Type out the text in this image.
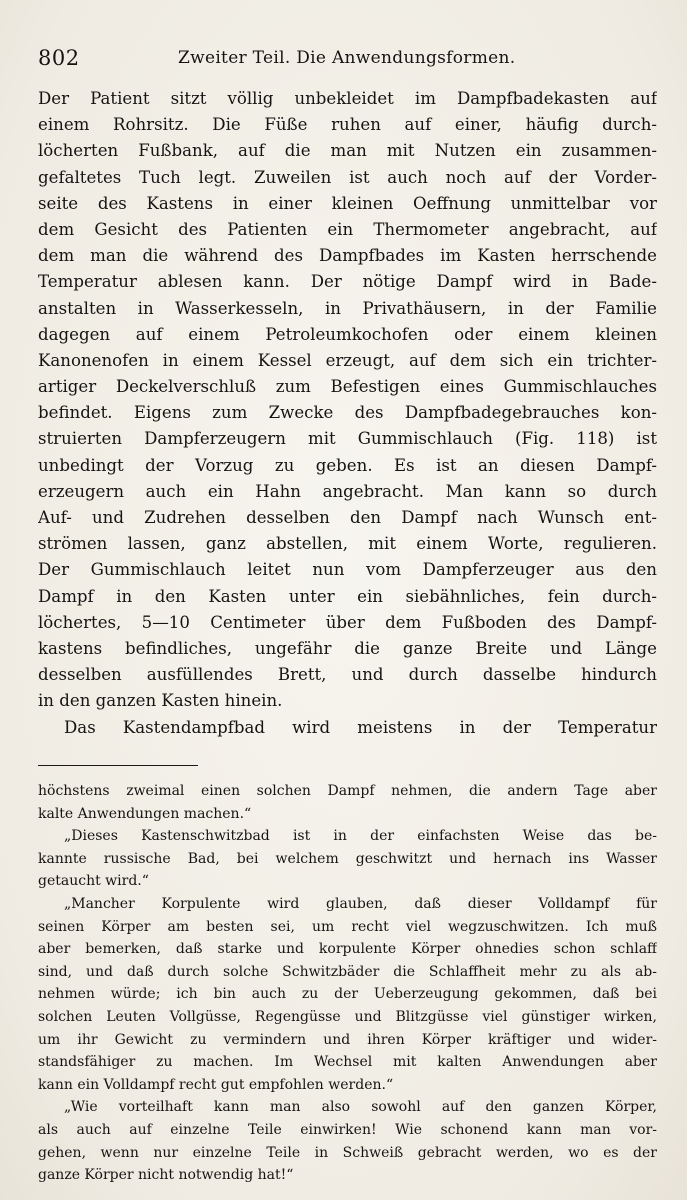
802	Zweiter Teil. Die Anwendungsformen.
Der Patient sitzt völlig unbekleidet im Dampfbadekasten auf
einem Rohrsitz. Die Füße ruhen auf einer, häufig durch-
löcherten Fußbank, auf die man mit Nutzen ein zusammen-
gefaltetes Tuch legt. Zuweilen ist auch noch auf der Vorder-
seite des Kastens in einer kleinen Oeffnung unmittelbar vor
dem Gesicht des Patienten ein Thermometer angebracht, auf
dem man die während des Dampfbades im Kasten herrschende
Temperatur ablesen kann. Der nötige Dampf wird in Bade-
anstalten in Wasserkesseln, in Privathäusern, in der Familie
dagegen auf einem Petroleumkochofen oder einem kleinen
Kanonenofen in einem Kessel erzeugt, auf dem sich ein trichter-
artiger Deckelverschluß zum Befestigen eines Gummischlauches
befindet. Eigens zum Zwecke des Dampfbadegebrauches kon-
struierten Dampferzeugern mit Gummischlauch (Fig. 118) ist
unbedingt der Vorzug zu geben. Es ist an diesen Dampf-
erzeugern auch ein Hahn angebracht. Man kann so durch
Auf- und Zudrehen desselben den Dampf nach Wunsch ent-
strömen lassen, ganz abstellen, mit einem Worte, regulieren.
Der Gummischlauch leitet nun vom Dampferzeuger aus den
Dampf in den Kasten unter ein siebähnliches, fein durch-
löchertes, 5—10 Centimeter über dem Fußboden des Dampf-
kastens befindliches, ungefähr die ganze Breite und Länge
desselben ausfüllendes Brett, und durch dasselbe hindurch
in den ganzen Kasten hinein.
Das Kastendampfbad wird meistens in der Temperatur
höchstens zweimal einen solchen Dampf nehmen, die andern Tage aber
kalte Anwendungen machen.“
„Dieses Kastenschwitzbad ist in der einfachsten Weise das be-
kannte russische Bad, bei welchem geschwitzt und hernach ins Wasser
getaucht wird.“
„Mancher Korpulente wird glauben, daß dieser Volldampf für
seinen Körper am besten sei, um recht viel wegzuschwitzen. Ich muß
aber bemerken, daß starke und korpulente Körper ohnedies schon schlaff
sind, und daß durch solche Schwitzbäder die Schlaffheit mehr zu als ab-
nehmen würde; ich bin auch zu der Ueberzeugung gekommen, daß bei
solchen Leuten Vollgüsse, Regengüsse und Blitzgüsse viel günstiger wirken,
um ihr Gewicht zu vermindern und ihren Körper kräftiger und wider-
standsfähiger zu machen. Im Wechsel mit kalten Anwendungen aber
kann ein Volldampf recht gut empfohlen werden.“
„Wie vorteilhaft kann man also sowohl auf den ganzen Körper,
als auch auf einzelne Teile einwirken! Wie schonend kann man vor-
gehen, wenn nur einzelne Teile in Schweiß gebracht werden, wo es der
ganze Körper nicht notwendig hat!“
